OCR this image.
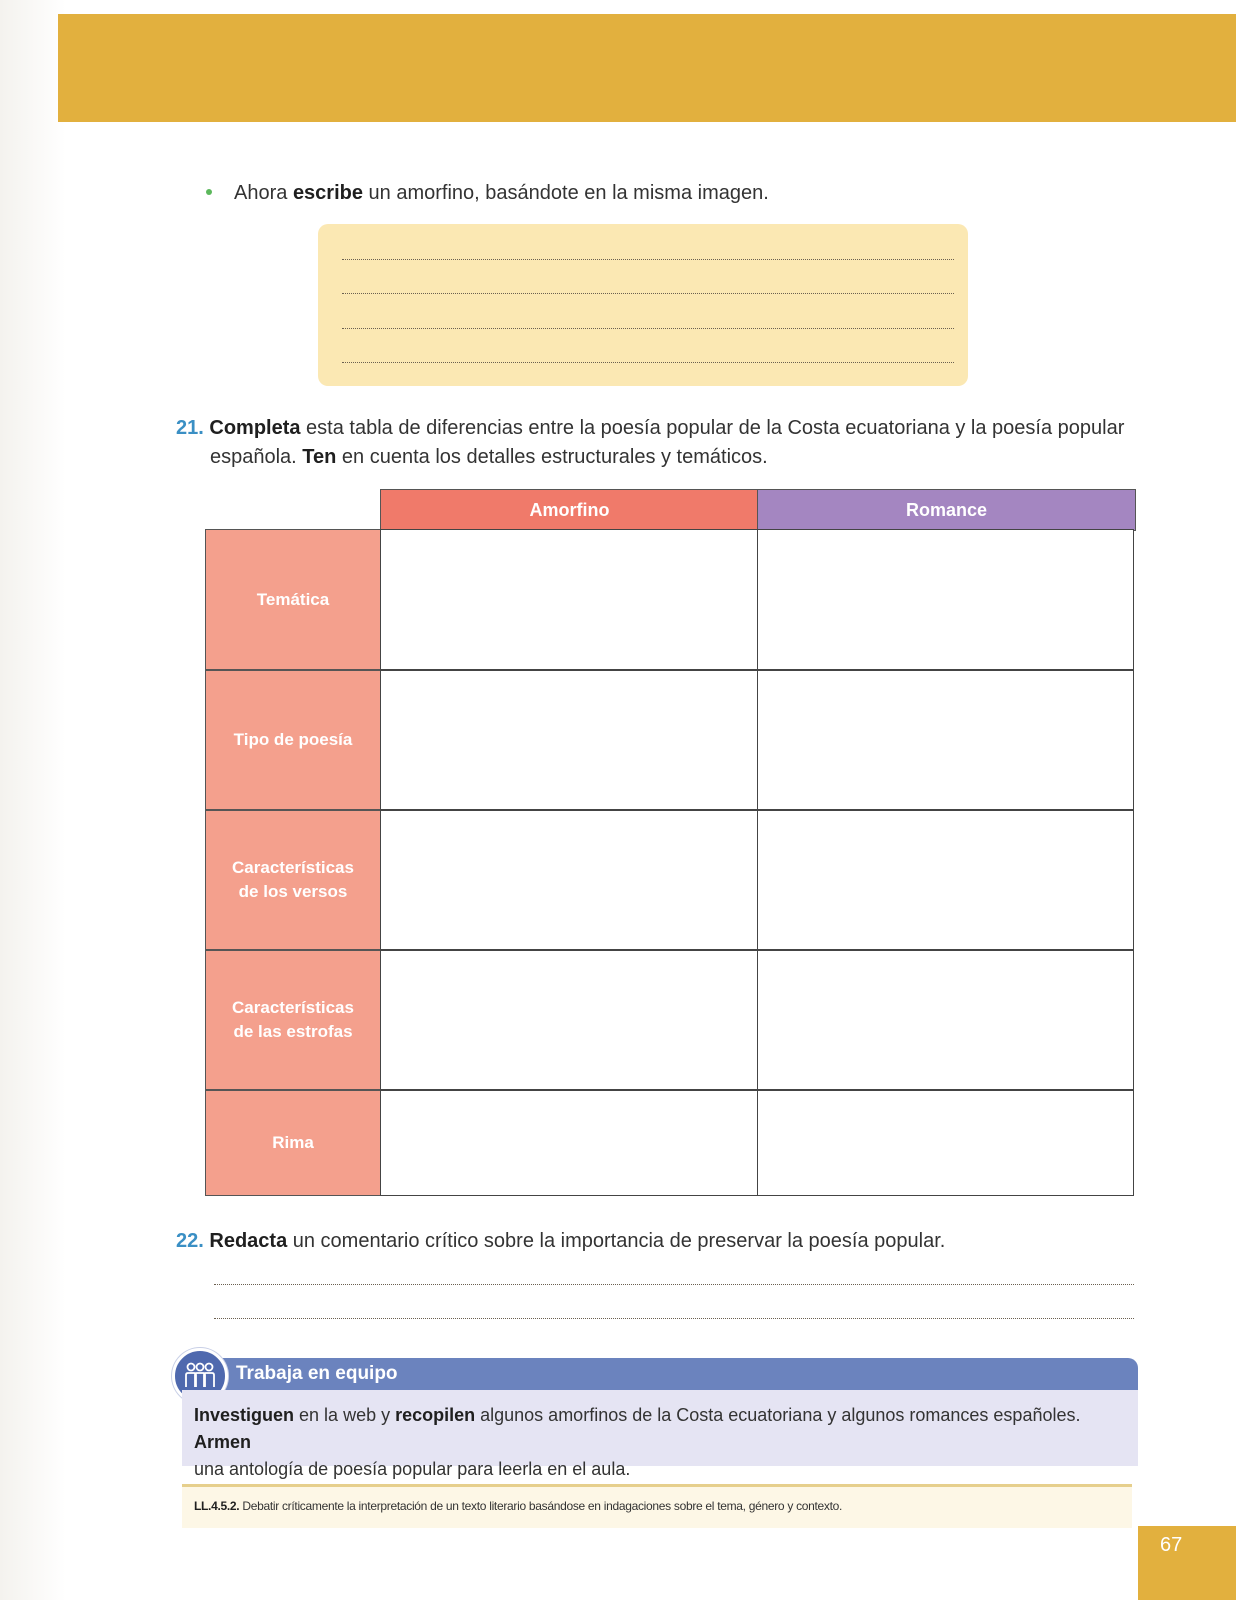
Ahora escribe un amorfino, basándote en la misma imagen.
21. Completa esta tabla de diferencias entre la poesía popular de la Costa ecuatoriana y la poesía popular
española. Ten en cuenta los detalles estructurales y temáticos.
Amorfino	Romance
Temática
Tipo de poesía
Características de los versos
Características de las estrofas
Rima
22. Redacta un comentario crítico sobre la importancia de preservar la poesía popular.
Trabaja en equipo
Investiguen en la web y recopilen algunos amorfinos de la Costa ecuatoriana y algunos romances españoles. Armen
una antología de poesía popular para leerla en el aula.
LL.4.5.2. Debatir críticamente la interpretación de un texto literario basándose en indagaciones sobre el tema, género y contexto.
67
